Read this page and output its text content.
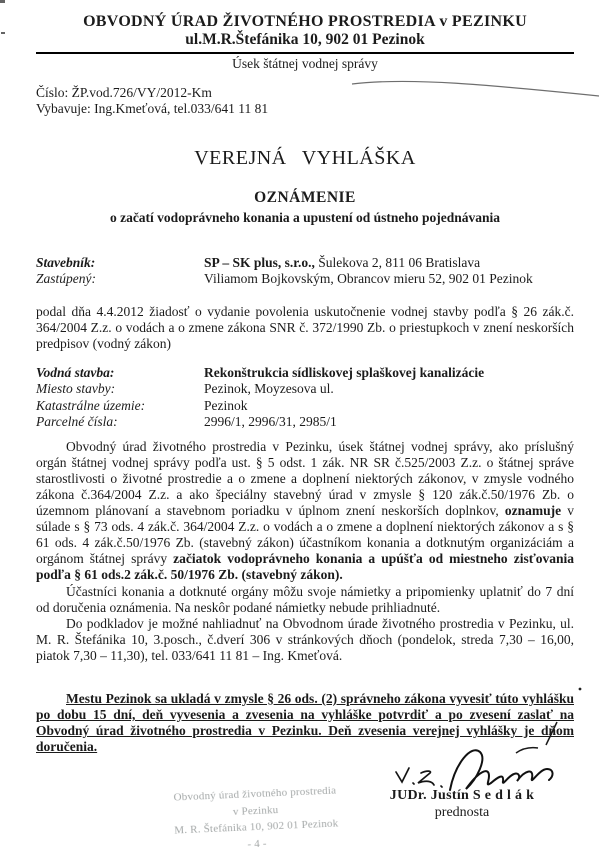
OBVODNÝ ÚRAD ŽIVOTNÉHO PROSTREDIA v PEZINKU

ul.M.R.Štefánika 10, 902 01 Pezinok

Úsek štátnej vodnej správy

Číslo: ŽP.vod.726/VY/2012-Km
Vybavuje: Ing.Kmeťová, tel.033/641 11 81

VEREJNÁ VYHLÁŠKA

OZNÁMENIE

o začatí vodoprávneho konania a upustení od ústneho pojednávania

Stavebník:	SP – SK plus, s.r.o., Šulekova 2, 811 06 Bratislava
Zastúpený:	Viliamom Bojkovským, Obrancov mieru 52, 902 01 Pezinok

podal dňa 4.4.2012 žiadosť o vydanie povolenia uskutočnenie vodnej stavby podľa § 26 zák.č. 364/2004 Z.z. o vodách a o zmene zákona SNR č. 372/1990 Zb. o priestupkoch v znení neskorších predpisov (vodný zákon)

Vodná stavba:	Rekonštrukcia sídliskovej splaškovej kanalizácie
Miesto stavby:	Pezinok, Moyzesova ul.
Katastrálne územie:	Pezinok
Parcelné čísla:	2996/1, 2996/31, 2985/1

Obvodný úrad životného prostredia v Pezinku, úsek štátnej vodnej správy, ako príslušný orgán štátnej vodnej správy podľa ust. § 5 odst. 1 zák. NR SR č.525/2003 Z.z. o štátnej správe starostlivosti o životné prostredie a o zmene a doplnení niektorých zákonov, v zmysle vodného zákona č.364/2004 Z.z. a ako špeciálny stavebný úrad v zmysle § 120 zák.č.50/1976 Zb. o územnom plánovaní a stavebnom poriadku v úplnom znení neskorších doplnkov, oznamuje v súlade s § 73 ods. 4 zák.č. 364/2004 Z.z. o vodách a o zmene a doplnení niektorých zákonov a s § 61 ods. 4 zák.č.50/1976 Zb. (stavebný zákon) účastníkom konania a dotknutým organizáciám a orgánom štátnej správy začiatok vodoprávneho konania a upúšťa od miestneho zisťovania podľa § 61 ods.2 zák.č. 50/1976 Zb. (stavebný zákon).

Účastníci konania a dotknuté orgány môžu svoje námietky a pripomienky uplatniť do 7 dní od doručenia oznámenia. Na neskôr podané námietky nebude prihliadnuté.

Do podkladov je možné nahliadnuť na Obvodnom úrade životného prostredia v Pezinku, ul. M. R. Štefánika 10, 3.posch., č.dverí 306 v stránkových dňoch (pondelok, streda 7,30 – 16,00, piatok 7,30 – 11,30), tel. 033/641 11 81 – Ing. Kmeťová.

Mestu Pezinok sa ukladá v zmysle § 26 ods. (2) správneho zákona vyvesiť túto vyhlášku po dobu 15 dní, deň vyvesenia a zvesenia na vyhláške potvrdiť a po zvesení zaslať na Obvodný úrad životného prostredia v Pezinku. Deň zvesenia verejnej vyhlášky je dňom doručenia.

Obvodný úrad životného prostredia
v Pezinku
M. R. Štefánika 10, 902 01 Pezinok
- 4 -

JUDr. Justín S e d l á k

prednosta
